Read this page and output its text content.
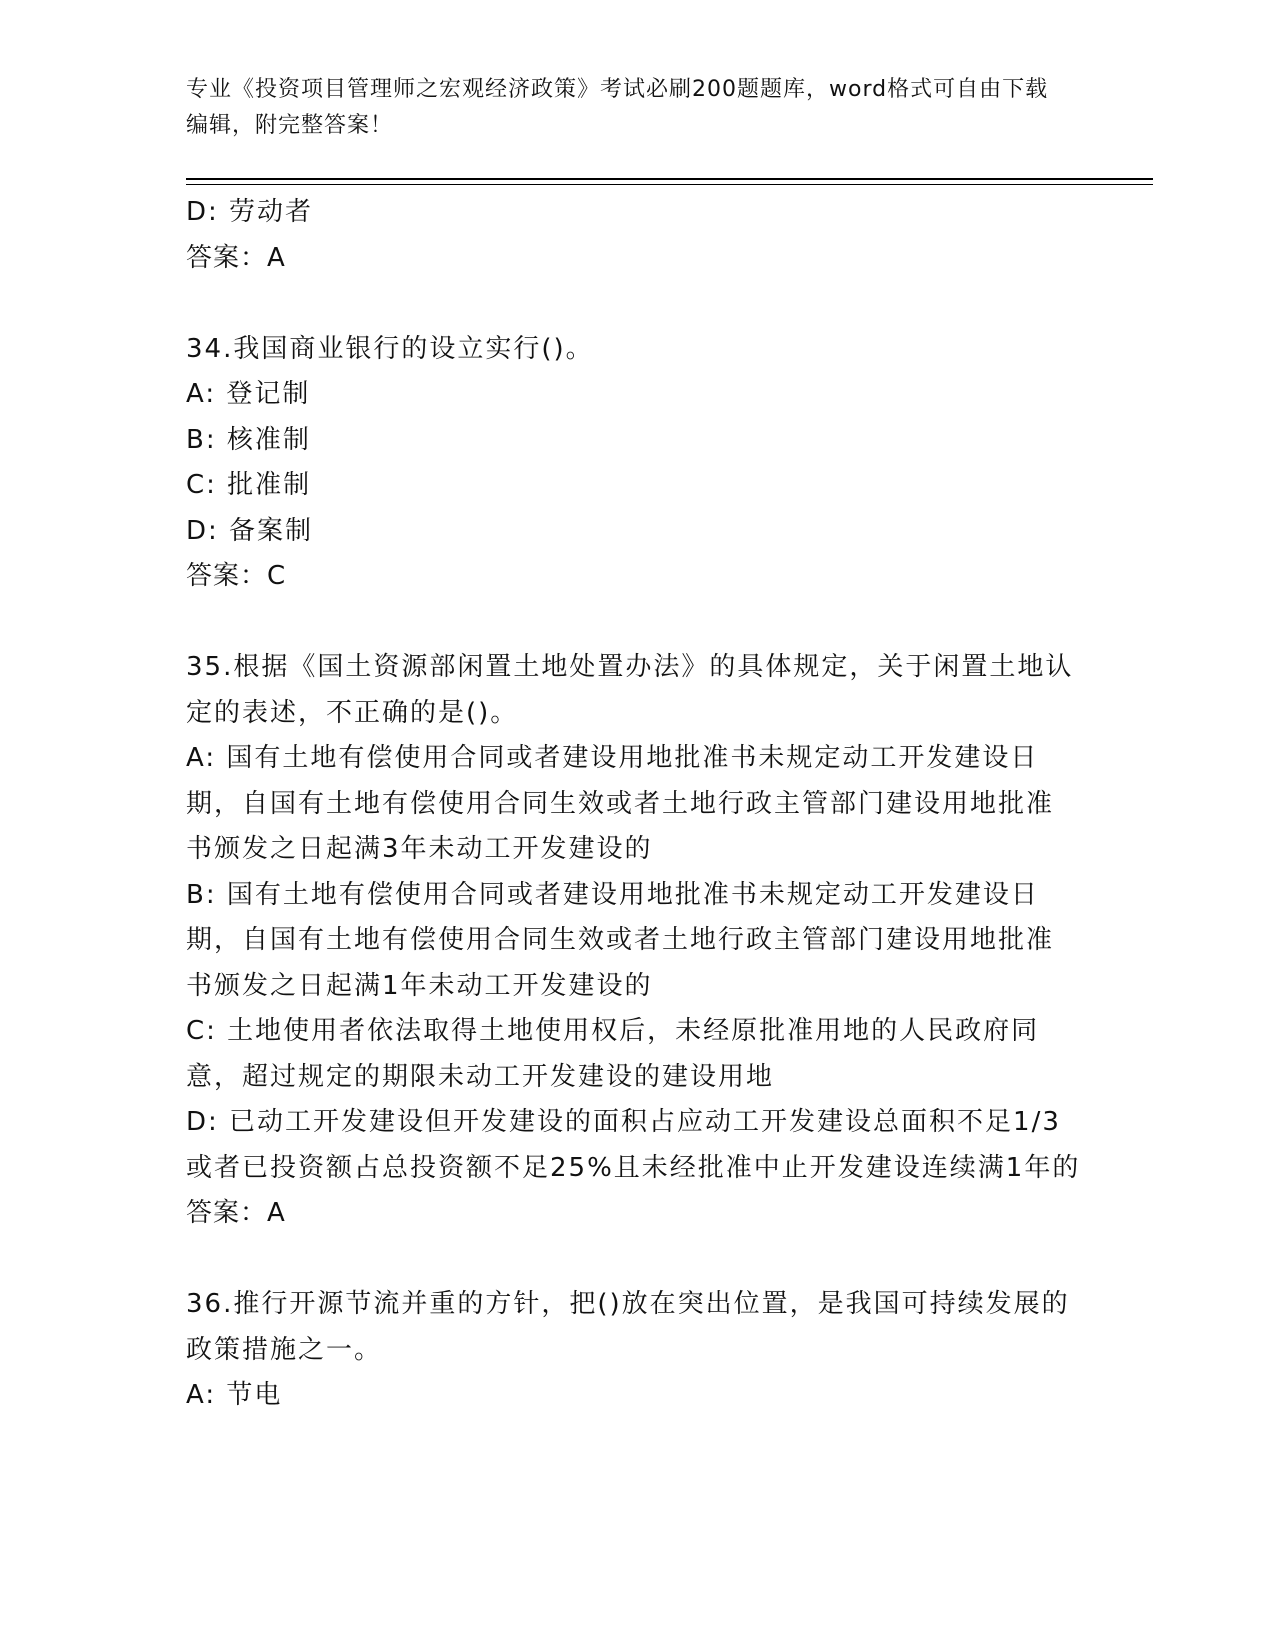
专业《投资项目管理师之宏观经济政策》考试必刷200题题库，word格式可自由下载编辑，附完整答案！
D: 劳动者
答案：A
34.我国商业银行的设立实行()。
A: 登记制
B: 核准制
C: 批准制
D: 备案制
答案：C
35.根据《国土资源部闲置土地处置办法》的具体规定，关于闲置土地认定的表述，不正确的是()。
A: 国有土地有偿使用合同或者建设用地批准书未规定动工开发建设日期，自国有土地有偿使用合同生效或者土地行政主管部门建设用地批准书颁发之日起满3年未动工开发建设的
B: 国有土地有偿使用合同或者建设用地批准书未规定动工开发建设日期，自国有土地有偿使用合同生效或者土地行政主管部门建设用地批准书颁发之日起满1年未动工开发建设的
C: 土地使用者依法取得土地使用权后，未经原批准用地的人民政府同意，超过规定的期限未动工开发建设的建设用地
D: 已动工开发建设但开发建设的面积占应动工开发建设总面积不足1/3或者已投资额占总投资额不足25%且未经批准中止开发建设连续满1年的
答案：A
36.推行开源节流并重的方针，把()放在突出位置，是我国可持续发展的政策措施之一。
A: 节电
